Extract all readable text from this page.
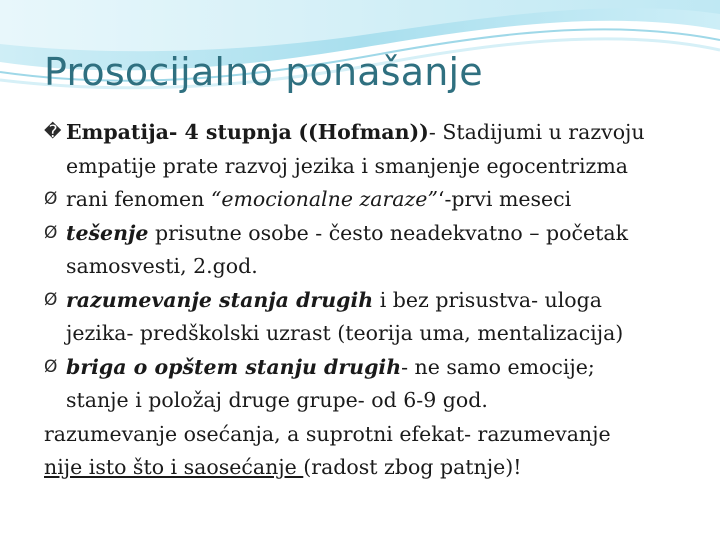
Prosocijalno ponašanje
� Empatija- 4 stupnja ((Hofman))- Stadijumi u razvoju
empatije prate razvoj jezika i smanjenje egocentrizma
Ø rani fenomen “emocionalne zaraze”‘-prvi meseci
Ø tešenje prisutne osobe - često neadekvatno – početak
samosvesti, 2.god.
Ø razumevanje stanja drugih i bez prisustva- uloga
jezika- predškolski uzrast (teorija uma, mentalizacija)
Ø briga o opštem stanju drugih- ne samo emocije;
stanje i položaj druge grupe- od 6-9 god.
razumevanje osećanja, a suprotni efekat- razumevanje
nije isto što i saosećanje (radost zbog patnje)!
